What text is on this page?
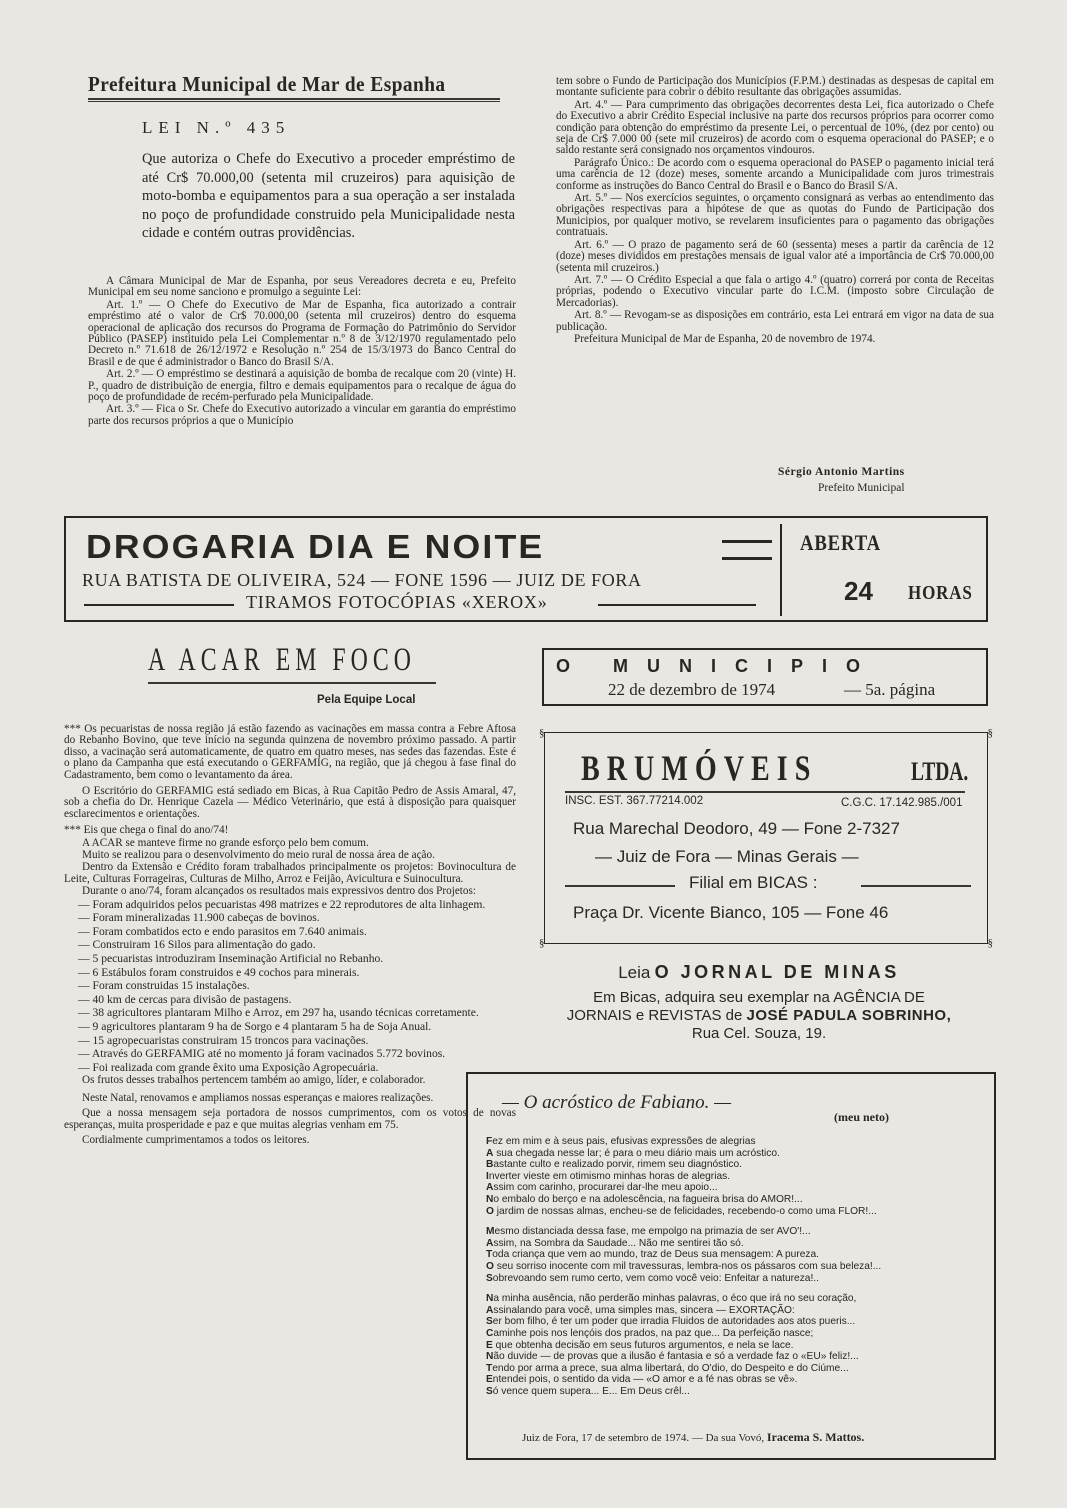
Prefeitura Municipal de Mar de Espanha
LEI N.º 435
Que autoriza o Chefe do Executivo a proceder empréstimo de até Cr$ 70.000,00 (setenta mil cruzeiros) para aquisição de moto-bomba e equipamentos para a sua operação a ser instalada no poço de profundidade construido pela Municipalidade nesta cidade e contém outras providências.

A Câmara Municipal de Mar de Espanha, por seus Vereadores decreta e eu, Prefeito Municipal em seu nome sanciono e promulgo a seguinte Lei:

Art. 1.º — O Chefe do Executivo de Mar de Espanha, fica autorizado a contrair empréstimo até o valor de Cr$ 70.000,00 (setenta mil cruzeiros) dentro do esquema operacional de aplicação dos recursos do Programa de Formação do Patrimônio do Servidor Público (PASEP) instituido pela Lei Complementar n.º 8 de 3/12/1970 regulamentado pelo Decreto n.º 71.618 de 26/12/1972 e Resolução n.º 254 de 15/3/1973 do Banco Central do Brasil e de que é administrador o Banco do Brasil S/A.

Art. 2.º — O empréstimo se destinará a aquisição de bomba de recalque com 20 (vinte) H. P., quadro de distribuição de energia, filtro e demais equipamentos para o recalque de água do poço de profundidade de recém-perfurado pela Municipalidade.

Art. 3.º — Fica o Sr. Chefe do Executivo autorizado a vincular em garantia do empréstimo parte dos recursos próprios a que o Município

tem sobre o Fundo de Participação dos Municípios (F.P.M.) destinadas as despesas de capital em montante suficiente para cobrir o débito resultante das obrigações assumidas.

Art. 4.º — Para cumprimento das obrigações decorrentes desta Lei, fica autorizado o Chefe do Executivo a abrir Crédito Especial inclusive na parte dos recursos próprios para ocorrer como condição para obtenção do empréstimo da presente Lei, o percentual de 10%, (dez por cento) ou seja de Cr$ 7.000 00 (sete mil cruzeiros) de acordo com o esquema operacional do PASEP; e o saldo restante será consignado nos orçamentos vindouros.

Parágrafo Único.: De acordo com o esquema operacional do PASEP o pagamento inicial terá uma carência de 12 (doze) meses, somente arcando a Municipalidade com juros trimestrais conforme as instruções do Banco Central do Brasil e o Banco do Brasil S/A.

Art. 5.º — Nos exercícios seguintes, o orçamento consignará as verbas ao entendimento das obrigações respectivas para a hipótese de que as quotas do Fundo de Participação dos Municipios, por qualquer motivo, se revelarem insuficientes para o pagamento das obrigações contratuais.

Art. 6.º — O prazo de pagamento será de 60 (sessenta) meses a partir da carência de 12 (doze) meses divididos em prestações mensais de igual valor até a importância de Cr$ 70.000,00 (setenta mil cruzeiros.)

Art. 7.º — O Crédito Especial a que fala o artigo 4.º (quatro) correrá por conta de Receitas próprias, podendo o Executivo vincular parte do I.C.M. (imposto sobre Circulação de Mercadorias).

Art. 8.º — Revogam-se as disposições em contrário, esta Lei entrará em vigor na data de sua publicação.

Prefeitura Municipal de Mar de Espanha, 20 de novembro de 1974.

Sérgio Antonio Martins
Prefeito Municipal
DROGARIA DIA E NOITE
RUA BATISTA DE OLIVEIRA, 524 — FONE 1596 — JUIZ DE FORA
TIRAMOS FOTOCÓPIAS «XEROX»
ABERTA
24 HORAS
A ACAR EM FOCO
Pela Equipe Local

*** Os pecuaristas de nossa região já estão fazendo as vacinações em massa contra a Febre Aftosa do Rebanho Bovino, que teve início na segunda quinzena de novembro próximo passado. A partir disso, a vacinação será automaticamente, de quatro em quatro meses, nas sedes das fazendas. Este é o plano da Campanha que está executando o GERFAMIG, na região, que já chegou à fase final do Cadastramento, bem como o levantamento da área.

O Escritório do GERFAMIG está sediado em Bicas, à Rua Capitão Pedro de Assis Amaral, 47, sob a chefia do Dr. Henrique Cazela — Médico Veterinário, que está à disposição para quaisquer esclarecimentos e orientações.

*** Eis que chega o final do ano/74!

A ACAR se manteve firme no grande esforço pelo bem comum.

Muito se realizou para o desenvolvimento do meio rural de nossa área de ação.

Dentro da Extensão e Crédito foram trabalhados principalmente os projetos: Bovinocultura de Leite, Culturas Forrageiras, Culturas de Milho, Arroz e Feijão, Avicultura e Suinocultura.

Durante o ano/74, foram alcançados os resultados mais expressivos dentro dos Projetos:

— Foram adquiridos pelos pecuaristas 498 matrizes e 22 reprodutores de alta linhagem.

— Foram mineralizadas 11.900 cabeças de bovinos.

— Foram combatidos ecto e endo parasitos em 7.640 animais.

— Construiram 16 Silos para alimentação do gado.

— 5 pecuaristas introduziram Inseminação Artificial no Rebanho.

— 6 Estábulos foram construidos e 49 cochos para minerais.

— Foram construidas 15 instalações.

— 40 km de cercas para divisão de pastagens.

— 38 agricultores plantaram Milho e Arroz, em 297 ha, usando técnicas corretamente.

— 9 agricultores plantaram 9 ha de Sorgo e 4 plantaram 5 ha de Soja Anual.

— 15 agropecuaristas construiram 15 troncos para vacinações.

— Através do GERFAMIG até no momento já foram vacinados 5.772 bovinos.

— Foi realizada com grande êxito uma Exposição Agropecuária.

Os frutos desses trabalhos pertencem também ao amigo, líder, e colaborador.

Neste Natal, renovamos e ampliamos nossas esperanças e maiores realizações.

Que a nossa mensagem seja portadora de nossos cumprimentos, com os votos de novas esperanças, muita prosperidade e paz e que muitas alegrias venham em 75.

Cordialmente cumprimentamos a todos os leitores.

O MUNICIPIO
22 de dezembro de 1974	— 5a. página
§	§
§	§
BRUMÓVEIS	LTDA.
INSC. EST. 367.77214.002	C.G.C. 17.142.985./001
Rua Marechal Deodoro, 49 — Fone 2-7327
— Juiz de Fora — Minas Gerais —
Filial em BICAS :
Praça Dr. Vicente Bianco, 105 — Fone 46
Leia O JORNAL DE MINAS
Em Bicas, adquira seu exemplar na AGÊNCIA DE
JORNAIS e REVISTAS de JOSÉ PADULA SOBRINHO,
Rua Cel. Souza, 19.
— O acróstico de Fabiano. —
(meu neto)
Fez em mim e à seus pais, efusivas expressões de alegrias
A sua chegada nesse lar; é para o meu diário mais um acróstico.
Bastante culto e realizado porvir, rimem seu diagnóstico.
Inverter vieste em otimismo minhas horas de alegrias.
Assim com carinho, procurarei dar-lhe meu apoio...
No embalo do berço e na adolescência, na fagueira brisa do AMOR!...
O jardim de nossas almas, encheu-se de felicidades, recebendo-o como uma FLOR!...
Mesmo distanciada dessa fase, me empolgo na primazia de ser AVO'!...
Assim, na Sombra da Saudade... Não me sentirei tão só.
Toda criança que vem ao mundo, traz de Deus sua mensagem: A pureza.
O seu sorriso inocente com mil travessuras, lembra-nos os pássaros com sua beleza!...
Sobrevoando sem rumo certo, vem como você veio: Enfeitar a natureza!..
Na minha ausência, não perderão minhas palavras, o éco que irá no seu coração,
Assinalando para você, uma simples mas, sincera — EXORTAÇÃO:
Ser bom filho, é ter um poder que irradia Fluidos de autoridades aos atos pueris...
Caminhe pois nos lençóis dos prados, na paz que... Da perfeição nasce;
E que obtenha decisão em seus futuros argumentos, e nela se lace.
Não duvide — de provas que a ilusão é fantasia e só a verdade faz o «EU» feliz!...
Tendo por arma a prece, sua alma libertará, do O'dio, do Despeito e do Ciúme...
Entendei pois, o sentido da vida — «O amor e a fé nas obras se vê».
Só vence quem supera... E... Em Deus crêl...
Juiz de Fora, 17 de setembro de 1974. — Da sua Vovó, Iracema S. Mattos.
